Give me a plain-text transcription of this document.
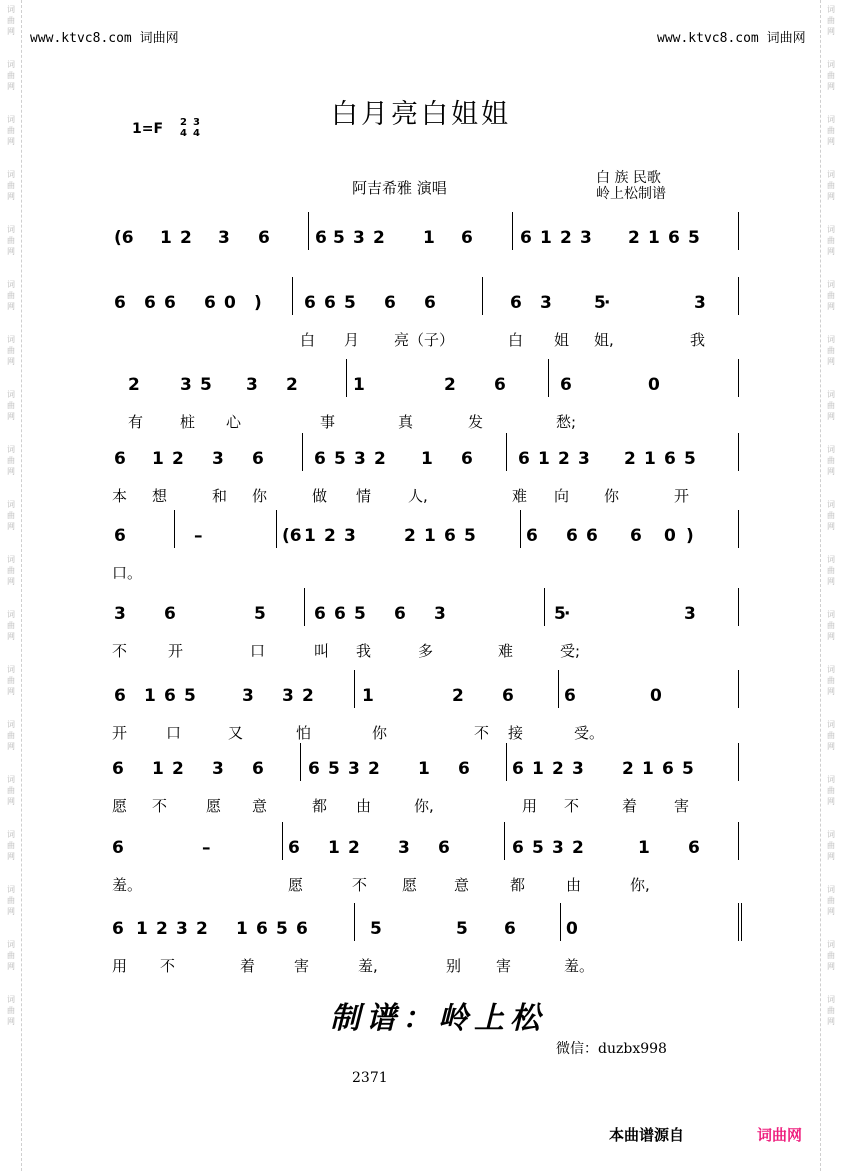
词
曲
网
词
曲
网
词
曲
网
词
曲
网
词
曲
网
词
曲
网
词
曲
网
词
曲
网
词
曲
网
词
曲
网
词
曲
网
词
曲
网
词
曲
网
词
曲
网
词
曲
网
词
曲
网
词
曲
网
词
曲
网
词
曲
网
词
曲
网
词
曲
网
词
曲
网
词
曲
网
词
曲
网
词
曲
网
词
曲
网
词
曲
网
词
曲
网
词
曲
网
词
曲
网
词
曲
网
词
曲
网
词
曲
网
词
曲
网
词
曲
网
词
曲
网
词
曲
网
词
曲
网
www.ktvc8.com 词曲网	www.ktvc8.com 词曲网
白月亮白姐姐
1=F 2
4
3
4
阿吉希雅 演唱
白 族 民歌
岭上松制谱
(6 1 2 3 6	6 5 3 2 1 6	6 1 2 3 2 1 6 5
6 6 6 6 0 ) 6 6 5 6 6	6 3 5
·	3
白 月 亮（子）	白 姐 姐,	我
2 3 5 3 2	1	2 6	6	0
有 桩 心	事	真	发	愁;
6 1 2 3 6	6 5 3 2 1 6	6 1 2 3 2 1 6 5
本 想	和 你	做 情 人,	难 向 你	开
6	–	(6 1 2 3	2 1 6 5	6 6 6 6 0 )
口。
3 6	5	6 6 5 6 3	5
·	3
不	开	口	叫 我	多	难	受;
6 1 6 5	3 3 2	1	2 6	6	0
开	口	又	怕	你	不 接	受。
6 1 2 3 6	6 5 3 2 1 6 6 1 2 3 2 1 6 5
愿 不	愿 意	都 由	你,	用 不	着 害
6	–	6 1 2 3 6	6 5 3 2	1 6
羞。	愿	不 愿 意	都	由	你,
6 1 2 3 2 1 6 5 6	5	5 6	0
用 不	着	害	羞,	别 害	羞。
制谱：岭上松
微信：duzbx998
2371
本曲谱源自	词曲网
